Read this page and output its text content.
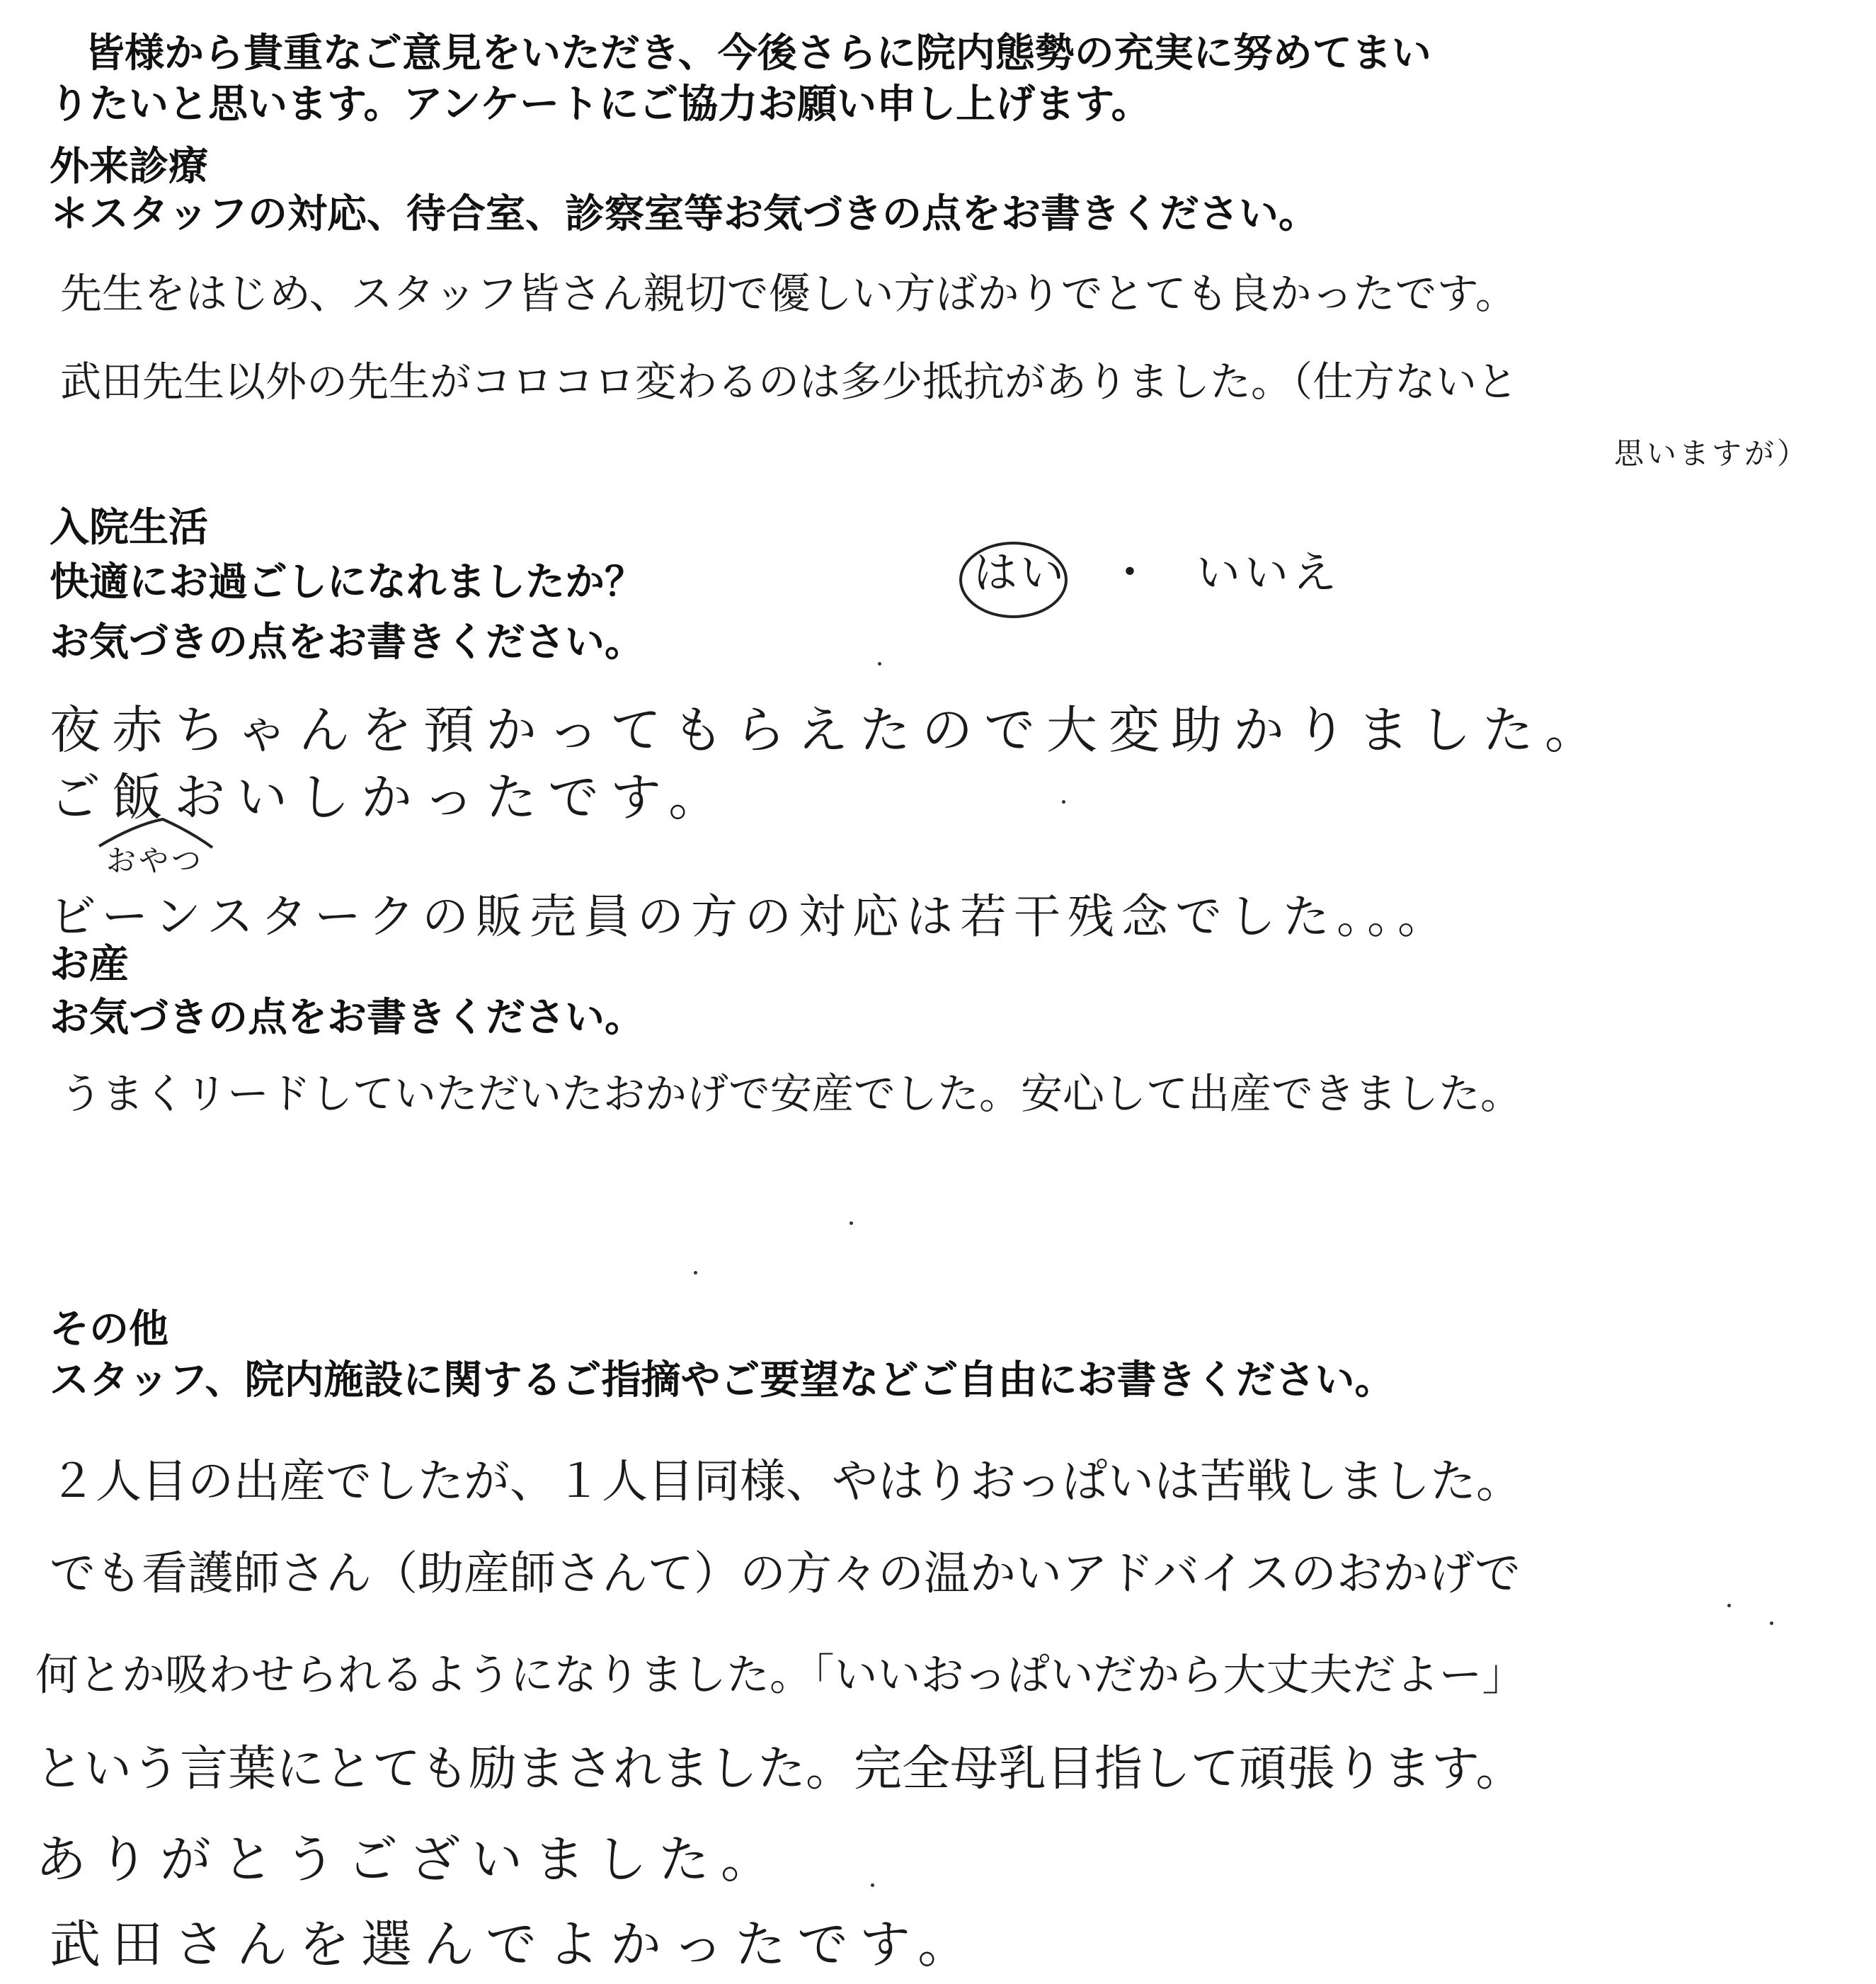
皆様から貴重なご意見をいただき、今後さらに院内態勢の充実に努めてまい
りたいと思います。アンケートにご協力お願い申し上げます。
外来診療
＊スタッフの対応、待合室、診察室等お気づきの点をお書きください。
先生をはじめ、スタッフ皆さん親切で優しい方ばかりでとても良かったです。
武田先生以外の先生がコロコロ変わるのは多少抵抗がありました。（仕方ないと
思いますが）
入院生活
快適にお過ごしになれましたか？	はい ・ いいえ
お気づきの点をお書きください。
夜赤ちゃんを預かってもらえたので大変助かりました。
ご飯おいしかったです。
おやつ
ビーンスタークの販売員の方の対応は若干残念でした。。。
お産
お気づきの点をお書きください。
うまくリードしていただいたおかげで安産でした。安心して出産できました。
その他
スタッフ、院内施設に関するご指摘やご要望などご自由にお書きください。
２人目の出産でしたが、１人目同様、やはりおっぱいは苦戦しました。
でも看護師さん（助産師さんて）の方々の温かいアドバイスのおかげで
何とか吸わせられるようになりました。「いいおっぱいだから大丈夫だよー」
という言葉にとても励まされました。完全母乳目指して頑張ります。
ありがとうございました。
武田さんを選んでよかったです。
